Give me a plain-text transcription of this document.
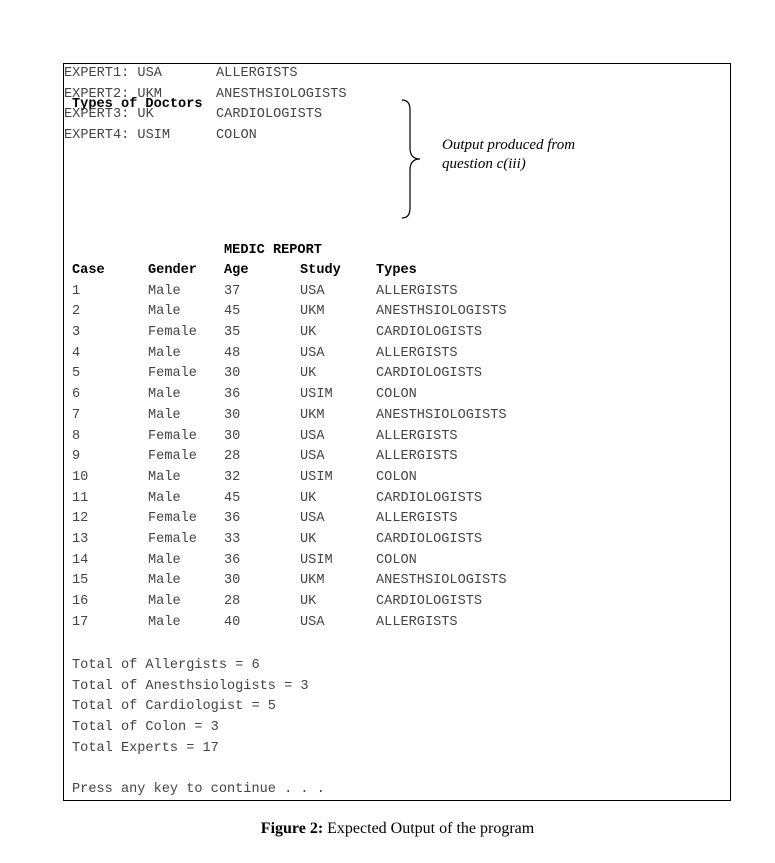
Types of Doctors
EXPERT1: USA	ALLERGISTS
EXPERT2: UKM	ANESTHSIOLOGISTS
EXPERT3: UK	CARDIOLOGISTS
EXPERT4: USIM	COLON
Output produced from
question c(iii)
MEDIC REPORT
Case	Gender Age	Study	Types
1	Male	37	USA	ALLERGISTS
2	Male	45	UKM	ANESTHSIOLOGISTS
3	Female 35	UK	CARDIOLOGISTS
4	Male	48	USA	ALLERGISTS
5	Female 30	UK	CARDIOLOGISTS
6	Male	36	USIM	COLON
7	Male	30	UKM	ANESTHSIOLOGISTS
8	Female 30	USA	ALLERGISTS
9	Female 28	USA	ALLERGISTS
10	Male	32	USIM	COLON
11	Male	45	UK	CARDIOLOGISTS
12	Female 36	USA	ALLERGISTS
13	Female 33	UK	CARDIOLOGISTS
14	Male	36	USIM	COLON
15	Male	30	UKM	ANESTHSIOLOGISTS
16	Male	28	UK	CARDIOLOGISTS
17	Male	40	USA	ALLERGISTS
Total of Allergists = 6
Total of Anesthsiologists = 3
Total of Cardiologist = 5
Total of Colon = 3
Total Experts = 17
Press any key to continue . . .
Figure 2: Expected Output of the program
